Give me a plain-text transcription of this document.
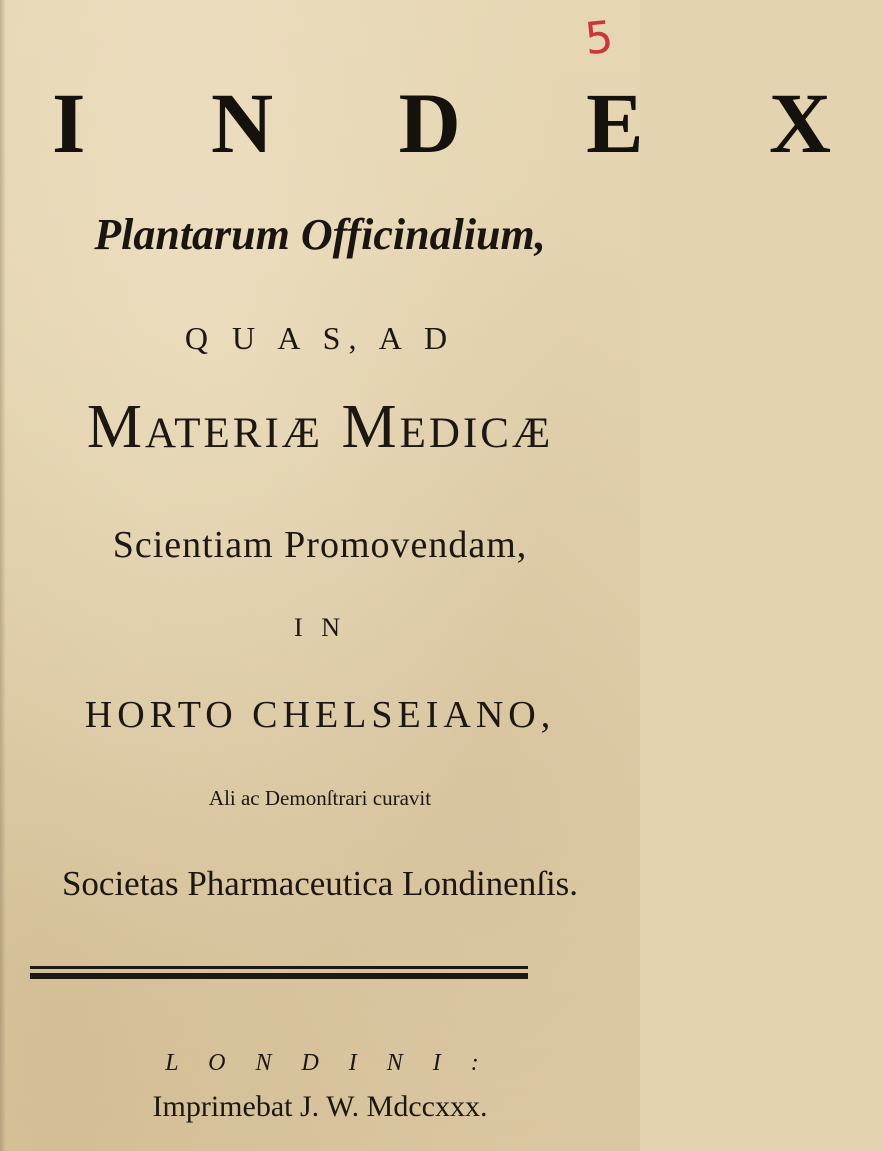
5
I N D E X
Plantarum Officinalium,
Q U A S, A D
Materiæ Medicæ
Scientiam Promovendam,
I N
HORTO CHELSEIANO,
Ali ac Demonſtrari curavit
Societas Pharmaceutica Londinenſis.
L O N D I N I :
Imprimebat J. W. Mdccxxx.
